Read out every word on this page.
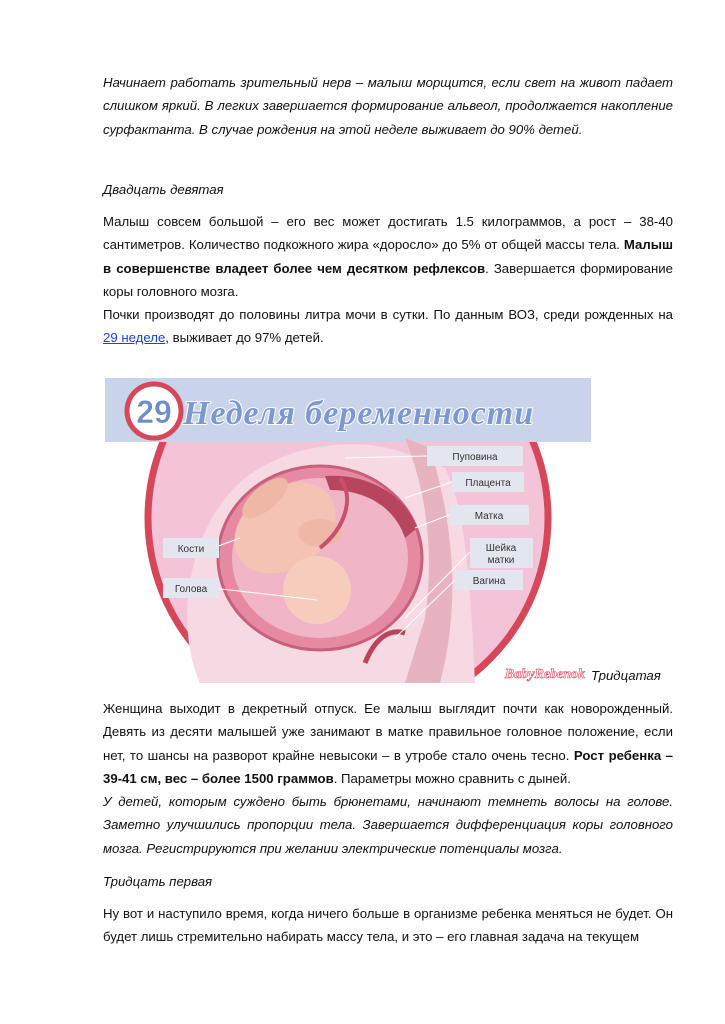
Начинает работать зрительный нерв – малыш морщится, если свет на живот падает слишком яркий. В легких завершается формирование альвеол, продолжается накопление сурфактанта. В случае рождения на этой неделе выживает до 90% детей.

Двадцать девятая

Малыш совсем большой – его вес может достигать 1.5 килограммов, а рост – 38-40 сантиметров. Количество подкожного жира «доросло» до 5% от общей массы тела. Малыш в совершенстве владеет более чем десятком рефлексов. Завершается формирование коры головного мозга.

Почки производят до половины литра мочи в сутки. По данным ВОЗ, среди рожденных на 29 неделе, выживает до 97% детей.

29 Неделя беременности
Пуповина
Плацента
Матка
Шейка
матки
Вагина
Кости
Голова
BabyRebenok Тридцатая

Женщина выходит в декретный отпуск. Ее малыш выглядит почти как новорожденный. Девять из десяти малышей уже занимают в матке правильное головное положение, если нет, то шансы на разворот крайне невысоки – в утробе стало очень тесно. Рост ребенка – 39-41 см, вес – более 1500 граммов. Параметры можно сравнить с дыней.

У детей, которым суждено быть брюнетами, начинают темнеть волосы на голове. Заметно улучшились пропорции тела. Завершается дифференциация коры головного мозга. Регистрируются при желании электрические потенциалы мозга.

Тридцать первая

Ну вот и наступило время, когда ничего больше в организме ребенка меняться не будет. Он будет лишь стремительно набирать массу тела, и это – его главная задача на текущем
